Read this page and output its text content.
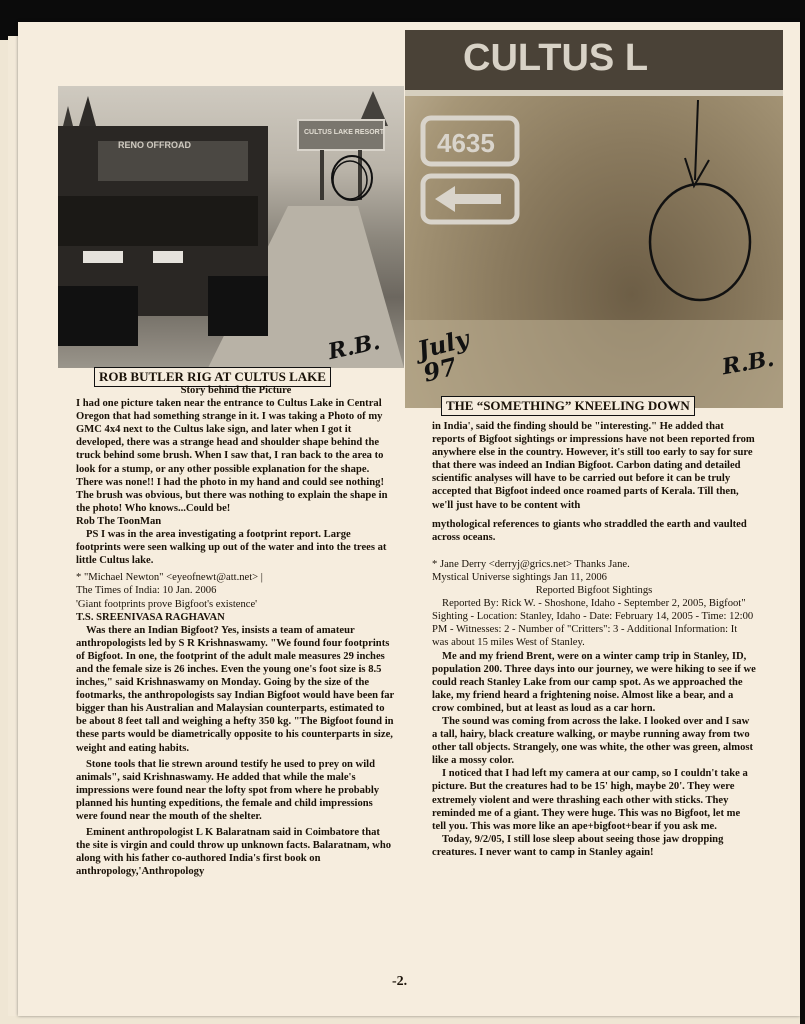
RENO OFFROAD
CULTUS LAKE RESORT
R.B.
ROB BUTLER RIG AT CULTUS LAKE
CULTUS L
4635
July 97	R.B.
THE “SOMETHING” KNEELING DOWN

Story behind the Picture

I had one picture taken near the entrance to Cultus Lake in Central Oregon that had something strange in it. I was taking a Photo of my GMC 4x4 next to the Cultus lake sign, and later when I got it developed, there was a strange head and shoulder shape behind the truck behind some brush. When I saw that, I ran back to the area to look for a stump, or any other possible explanation for the shape. There was none!! I had the photo in my hand and could see nothing! The brush was obvious, but there was nothing to explain the shape in the photo! Who knows...Could be!

Rob The ToonMan

PS I was in the area investigating a footprint report. Large footprints were seen walking up out of the water and into the trees at little Cultus lake.

* "Michael Newton" <eyeofnewt@att.net> |

The Times of India: 10 Jan. 2006

'Giant footprints prove Bigfoot's existence'

T.S. SREENIVASA RAGHAVAN

Was there an Indian Bigfoot? Yes, insists a team of amateur anthropologists led by S R Krishnaswamy. "We found four footprints of Bigfoot. In one, the footprint of the adult male measures 29 inches and the female size is 26 inches. Even the young one's foot size is 8.5 inches," said Krishnaswamy on Monday. Going by the size of the footmarks, the anthropologists say Indian Bigfoot would have been far bigger than his Australian and Malaysian counterparts, estimated to be about 8 feet tall and weighing a hefty 350 kg. "The Bigfoot found in these parts would be diametrically opposite to his counterparts in size, weight and eating habits.

Stone tools that lie strewn around testify he used to prey on wild animals", said Krishnaswamy. He added that while the male's impressions were found near the lofty spot from where he probably planned his hunting expeditions, the female and child impressions were found near the mouth of the shelter.

Eminent anthropologist L K Balaratnam said in Coimbatore that the site is virgin and could throw up unknown facts. Balaratnam, who along with his father co-authored India's first book on anthropology,'Anthropology

in India', said the finding should be "interesting." He added that reports of Bigfoot sightings or impressions have not been reported from anywhere else in the country. However, it's still too early to say for sure that there was indeed an Indian Bigfoot. Carbon dating and detailed scientific analyses will have to be carried out before it can be truly accepted that Bigfoot indeed once roamed parts of Kerala. Till then, we'll just have to be content with

mythological references to giants who straddled the earth and vaulted across oceans.

* Jane Derry <derryj@grics.net> Thanks Jane.

Mystical Universe sightings Jan 11, 2006

Reported Bigfoot Sightings

Reported By: Rick W. - Shoshone, Idaho - September 2, 2005, Bigfoot" Sighting - Location: Stanley, Idaho - Date: February 14, 2005 - Time: 12:00 PM - Witnesses: 2 - Number of "Critters": 3 - Additional Information: It was about 15 miles West of Stanley.

Me and my friend Brent, were on a winter camp trip in Stanley, ID, population 200. Three days into our journey, we were hiking to see if we could reach Stanley Lake from our camp spot. As we approached the lake, my friend heard a frightening noise. Almost like a bear, and a crow combined, but at least as loud as a car horn.

The sound was coming from across the lake. I looked over and I saw a tall, hairy, black creature walking, or maybe running away from two other tall objects. Strangely, one was white, the other was green, almost like a mossy color.

I noticed that I had left my camera at our camp, so I couldn't take a picture. But the creatures had to be 15' high, maybe 20'. They were extremely violent and were thrashing each other with sticks. They reminded me of a giant. They were huge. This was no Bigfoot, let me tell you. This was more like an ape+bigfoot+bear if you ask me.

Today, 9/2/05, I still lose sleep about seeing those jaw dropping creatures. I never want to camp in Stanley again!

-2.
